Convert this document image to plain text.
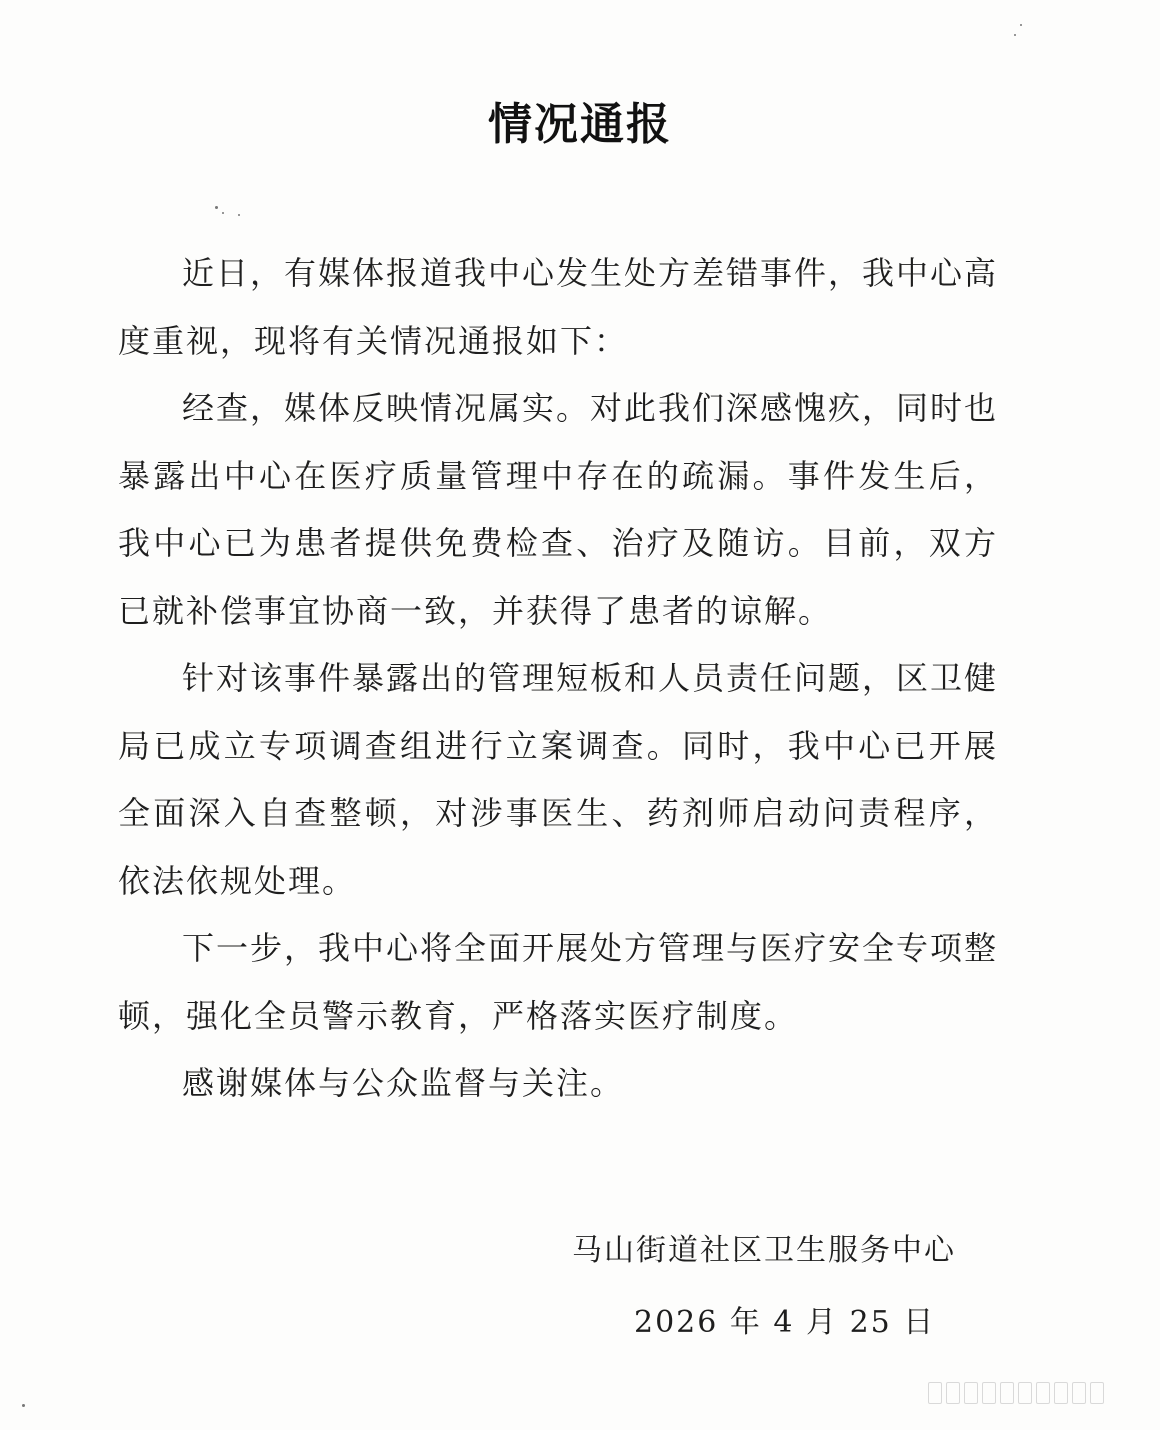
情况通报

近日，有媒体报道我中心发生处方差错事件，我中心高度重视，现将有关情况通报如下：

经查，媒体反映情况属实。对此我们深感愧疚，同时也暴露出中心在医疗质量管理中存在的疏漏。事件发生后，我中心已为患者提供免费检查、治疗及随访。目前，双方已就补偿事宜协商一致，并获得了患者的谅解。

针对该事件暴露出的管理短板和人员责任问题，区卫健局已成立专项调查组进行立案调查。同时，我中心已开展全面深入自查整顿，对涉事医生、药剂师启动问责程序，依法依规处理。

下一步，我中心将全面开展处方管理与医疗安全专项整顿，强化全员警示教育，严格落实医疗制度。

感谢媒体与公众监督与关注。

马山街道社区卫生服务中心
2026 年 4 月 25 日
